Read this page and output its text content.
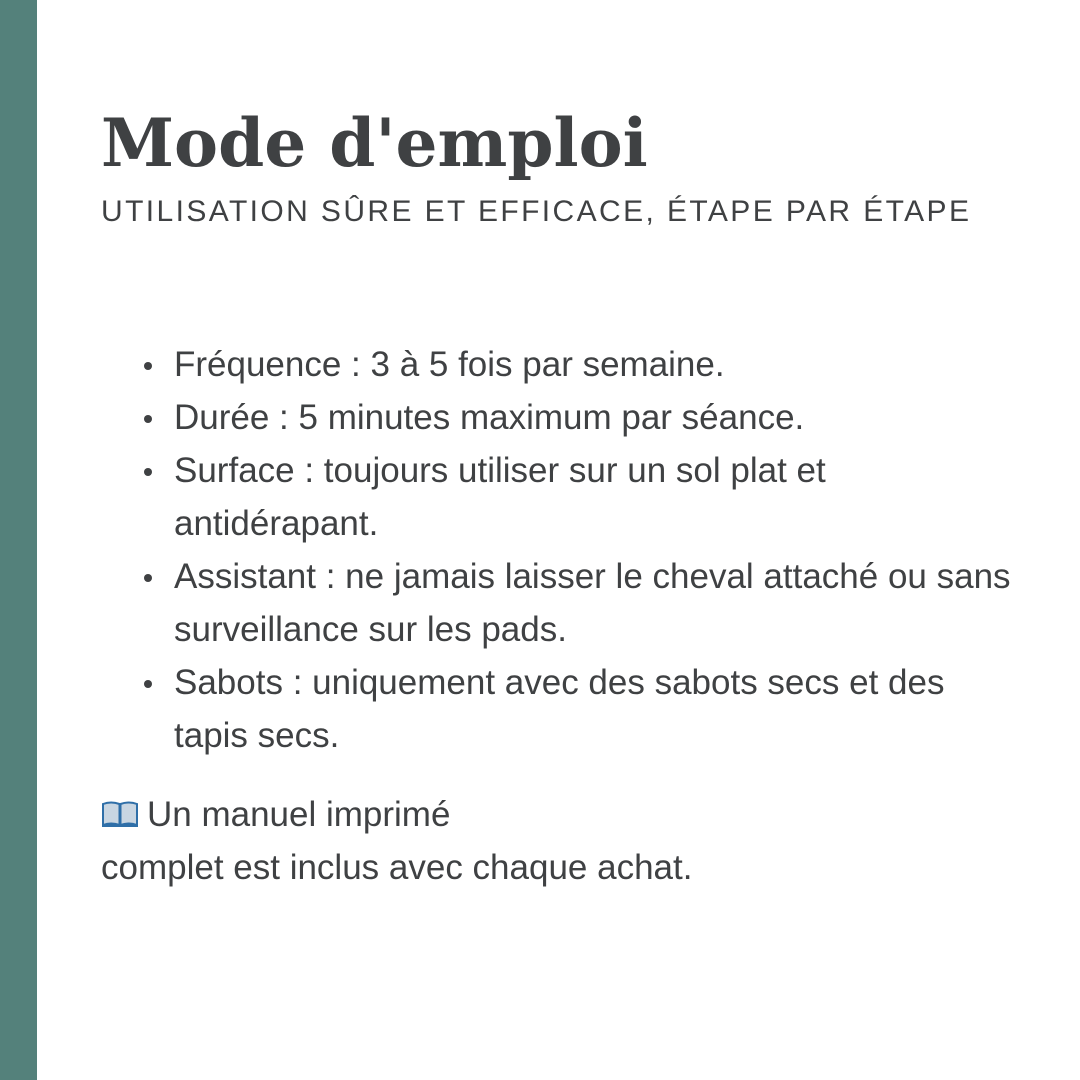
Mode d'emploi

UTILISATION SÛRE ET EFFICACE, ÉTAPE PAR ÉTAPE

Fréquence : 3 à 5 fois par semaine.
Durée : 5 minutes maximum par séance.
Surface : toujours utiliser sur un sol plat et antidérapant.
Assistant : ne jamais laisser le cheval attaché ou sans surveillance sur les pads.
Sabots : uniquement avec des sabots secs et des tapis secs.
Un manuel imprimé
complet est inclus avec chaque achat.
